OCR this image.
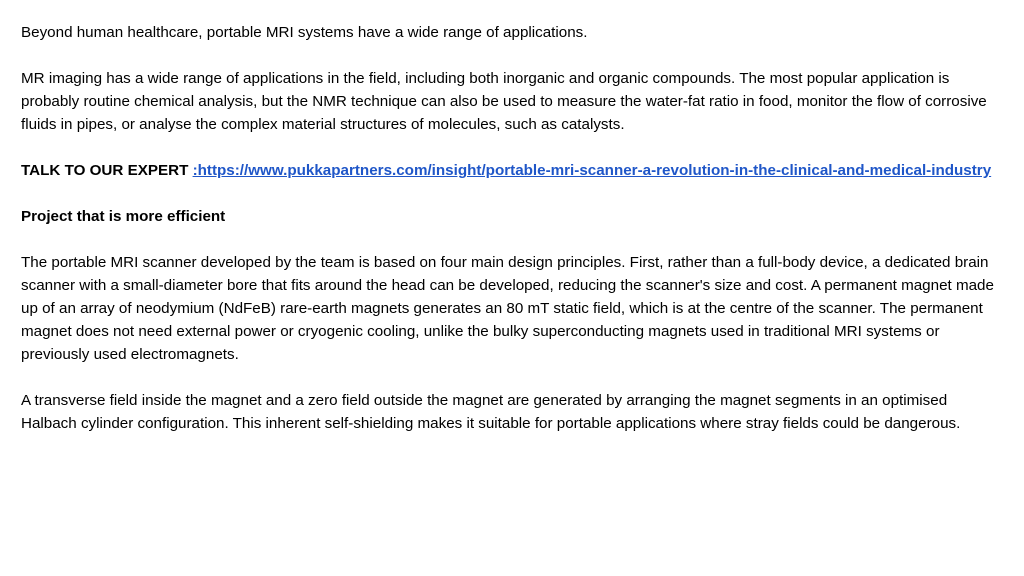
Beyond human healthcare, portable MRI systems have a wide range of applications.

MR imaging has a wide range of applications in the field, including both inorganic and organic compounds. The most popular application is probably routine chemical analysis, but the NMR technique can also be used to measure the water-fat ratio in food, monitor the flow of corrosive fluids in pipes, or analyse the complex material structures of molecules, such as catalysts.

TALK TO OUR EXPERT :https://www.pukkapartners.com/insight/portable-mri-scanner-a-revolution-in-the-clinical-and-medical-industry

Project that is more efficient

The portable MRI scanner developed by the team is based on four main design principles. First, rather than a full-body device, a dedicated brain scanner with a small-diameter bore that fits around the head can be developed, reducing the scanner's size and cost. A permanent magnet made up of an array of neodymium (NdFeB) rare-earth magnets generates an 80 mT static field, which is at the centre of the scanner. The permanent magnet does not need external power or cryogenic cooling, unlike the bulky superconducting magnets used in traditional MRI systems or previously used electromagnets.

A transverse field inside the magnet and a zero field outside the magnet are generated by arranging the magnet segments in an optimised Halbach cylinder configuration. This inherent self-shielding makes it suitable for portable applications where stray fields could be dangerous.
